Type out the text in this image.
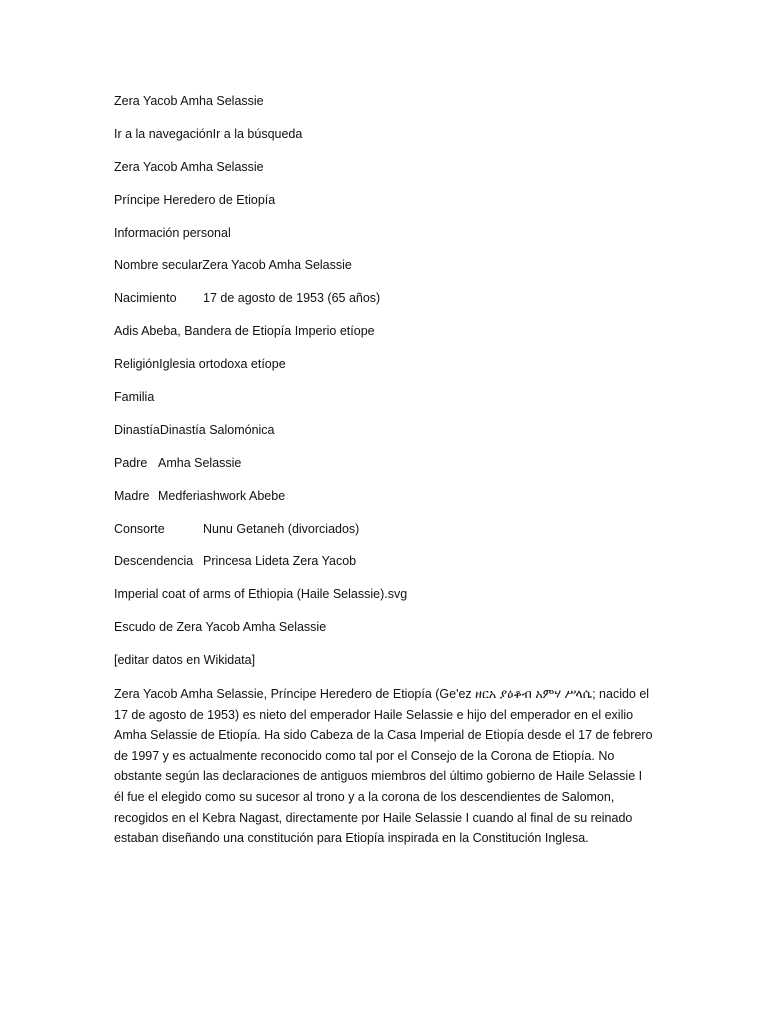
Zera Yacob Amha Selassie
Ir a la navegaciónIr a la búsqueda
Zera Yacob Amha Selassie
Príncipe Heredero de Etiopía
Información personal
Nombre secularZera Yacob Amha Selassie
Nacimiento 17 de agosto de 1953 (65 años)
Adis Abeba, Bandera de Etiopía Imperio etíope
ReligiónIglesia ortodoxa etíope
Familia
DinastíaDinastía Salomónica
Padre Amha Selassie
Madre Medferiashwork Abebe
Consorte	Nunu Getaneh (divorciados)
Descendencia Princesa Lideta Zera Yacob
Imperial coat of arms of Ethiopia (Haile Selassie).svg
Escudo de Zera Yacob Amha Selassie
[editar datos en Wikidata]

Zera Yacob Amha Selassie, Príncipe Heredero de Etiopía (Ge'ez ዘርአ ያዕቆብ አምሃ ሥላሴ; nacido el 17 de agosto de 1953) es nieto del emperador Haile Selassie e hijo del emperador en el exilio Amha Selassie de Etiopía. Ha sido Cabeza de la Casa Imperial de Etiopía desde el 17 de febrero de 1997 y es actualmente reconocido como tal por el Consejo de la Corona de Etiopía. No obstante según las declaraciones de antiguos miembros del último gobierno de Haile Selassie I él fue el elegido como su sucesor al trono y a la corona de los descendientes de Salomon, recogidos en el Kebra Nagast, directamente por Haile Selassie I cuando al final de su reinado estaban diseñando una constitución para Etiopía inspirada en la Constitución Inglesa.
